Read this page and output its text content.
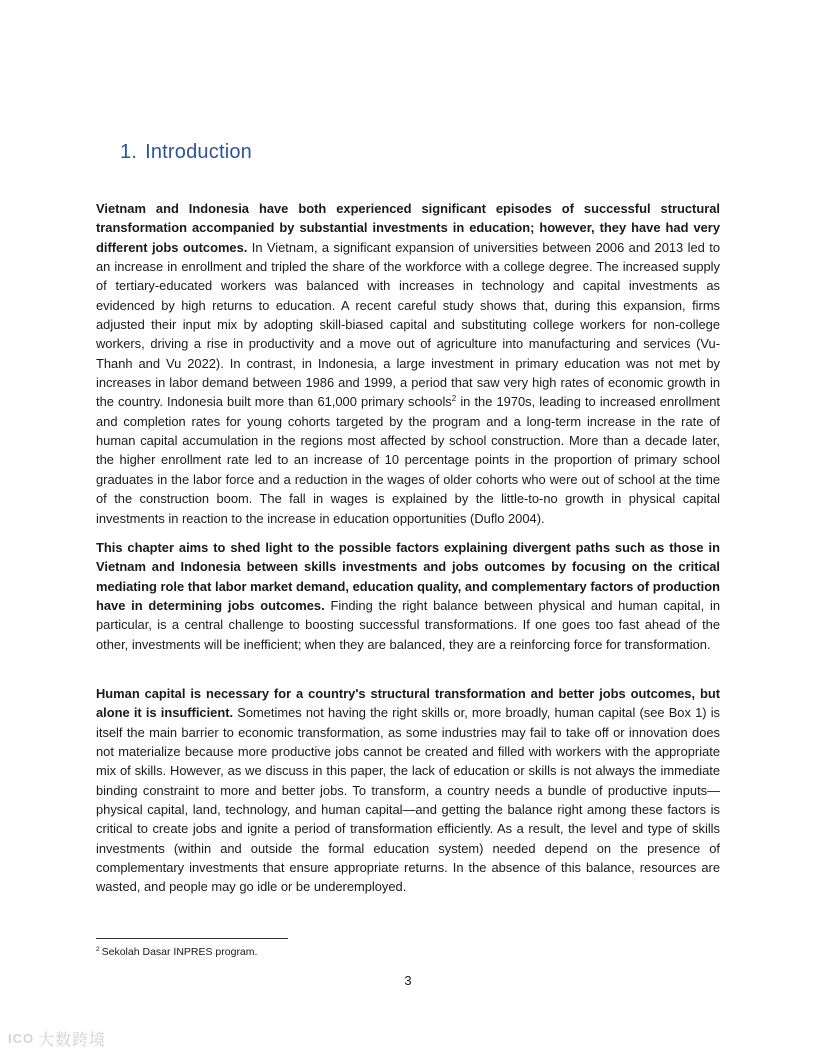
1. Introduction

Vietnam and Indonesia have both experienced significant episodes of successful structural transformation accompanied by substantial investments in education; however, they have had very different jobs outcomes. In Vietnam, a significant expansion of universities between 2006 and 2013 led to an increase in enrollment and tripled the share of the workforce with a college degree. The increased supply of tertiary-educated workers was balanced with increases in technology and capital investments as evidenced by high returns to education. A recent careful study shows that, during this expansion, firms adjusted their input mix by adopting skill-biased capital and substituting college workers for non-college workers, driving a rise in productivity and a move out of agriculture into manufacturing and services (Vu-Thanh and Vu 2022). In contrast, in Indonesia, a large investment in primary education was not met by increases in labor demand between 1986 and 1999, a period that saw very high rates of economic growth in the country. Indonesia built more than 61,000 primary schools$^2$ in the 1970s, leading to increased enrollment and completion rates for young cohorts targeted by the program and a long-term increase in the rate of human capital accumulation in the regions most affected by school construction. More than a decade later, the higher enrollment rate led to an increase of 10 percentage points in the proportion of primary school graduates in the labor force and a reduction in the wages of older cohorts who were out of school at the time of the construction boom. The fall in wages is explained by the little-to-no growth in physical capital investments in reaction to the increase in education opportunities (Duflo 2004).

This chapter aims to shed light to the possible factors explaining divergent paths such as those in Vietnam and Indonesia between skills investments and jobs outcomes by focusing on the critical mediating role that labor market demand, education quality, and complementary factors of production have in determining jobs outcomes. Finding the right balance between physical and human capital, in particular, is a central challenge to boosting successful transformations. If one goes too fast ahead of the other, investments will be inefficient; when they are balanced, they are a reinforcing force for transformation.

Human capital is necessary for a country's structural transformation and better jobs outcomes, but alone it is insufficient. Sometimes not having the right skills or, more broadly, human capital (see Box 1) is itself the main barrier to economic transformation, as some industries may fail to take off or innovation does not materialize because more productive jobs cannot be created and filled with workers with the appropriate mix of skills. However, as we discuss in this paper, the lack of education or skills is not always the immediate binding constraint to more and better jobs. To transform, a country needs a bundle of productive inputs—physical capital, land, technology, and human capital—and getting the balance right among these factors is critical to create jobs and ignite a period of transformation efficiently. As a result, the level and type of skills investments (within and outside the formal education system) needed depend on the presence of complementary investments that ensure appropriate returns. In the absence of this balance, resources are wasted, and people may go idle or be underemployed.

$^2$ Sekolah Dasar INPRES program.
3
ICO 大数跨境
